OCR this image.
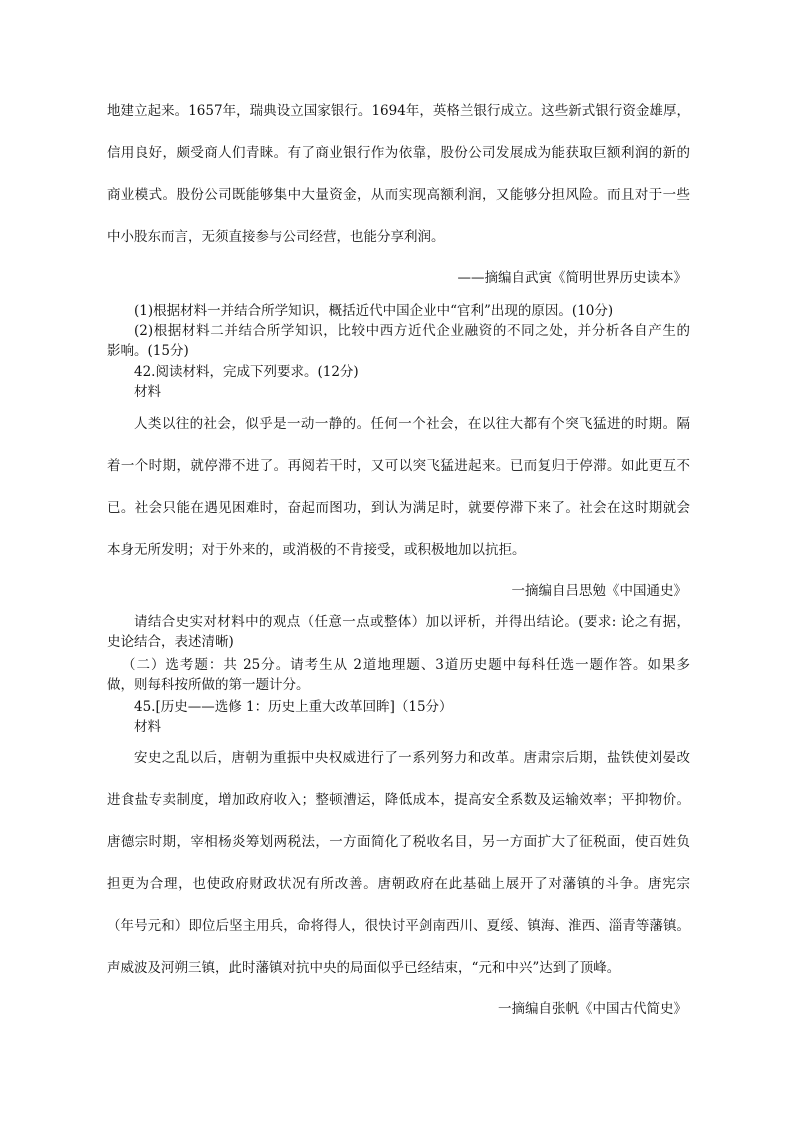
地建立起来。1657年，瑞典设立国家银行。1694年，英格兰银行成立。这些新式银行资金雄厚，
信用良好，颇受商人们青睐。有了商业银行作为依靠，股份公司发展成为能获取巨额利润的新的
商业模式。股份公司既能够集中大量资金，从而实现高额利润，又能够分担风险。而且对于一些
中小股东而言，无须直接参与公司经营，也能分享利润。
——摘编自武寅《简明世界历史读本》
(1)根据材料一并结合所学知识，概括近代中国企业中“官利”出现的原因。(10分)
(2)根据材料二并结合所学知识，比较中西方近代企业融资的不同之处，并分析各自产生的
影响。(15分)
42.阅读材料，完成下列要求。(12分)
材料
人类以往的社会，似乎是一动一静的。任何一个社会，在以往大都有个突飞猛进的时期。隔
着一个时期，就停滞不进了。再阅若干时，又可以突飞猛进起来。已而复归于停滞。如此更互不
已。社会只能在遇见困难时，奋起而图功，到认为满足时，就要停滞下来了。社会在这时期就会
本身无所发明；对于外来的，或消极的不肯接受，或积极地加以抗拒。
一摘编自吕思勉《中国通史》
请结合史实对材料中的观点（任意一点或整体）加以评析，并得出结论。(要求: 论之有据，
史论结合，表述清晰)
（二）选考题：共 25分。请考生从 2道地理题、3道历史题中每科任选一题作答。如果多
做，则每科按所做的第一题计分。
45.[历史——选修 1：历史上重大改革回眸]（15分）
材料
安史之乱以后，唐朝为重振中央权威进行了一系列努力和改革。唐肃宗后期，盐铁使刘晏改
进食盐专卖制度，增加政府收入；整顿漕运，降低成本，提高安全系数及运输效率；平抑物价。
唐德宗时期，宰相杨炎筹划两税法，一方面简化了税收名目，另一方面扩大了征税面，使百姓负
担更为合理，也使政府财政状况有所改善。唐朝政府在此基础上展开了对藩镇的斗争。唐宪宗
（年号元和）即位后坚主用兵，命将得人，很快讨平剑南西川、夏绥、镇海、淮西、淄青等藩镇。
声威波及河朔三镇，此时藩镇对抗中央的局面似乎已经结束，“元和中兴”达到了顶峰。
一摘编自张帆《中国古代简史》
